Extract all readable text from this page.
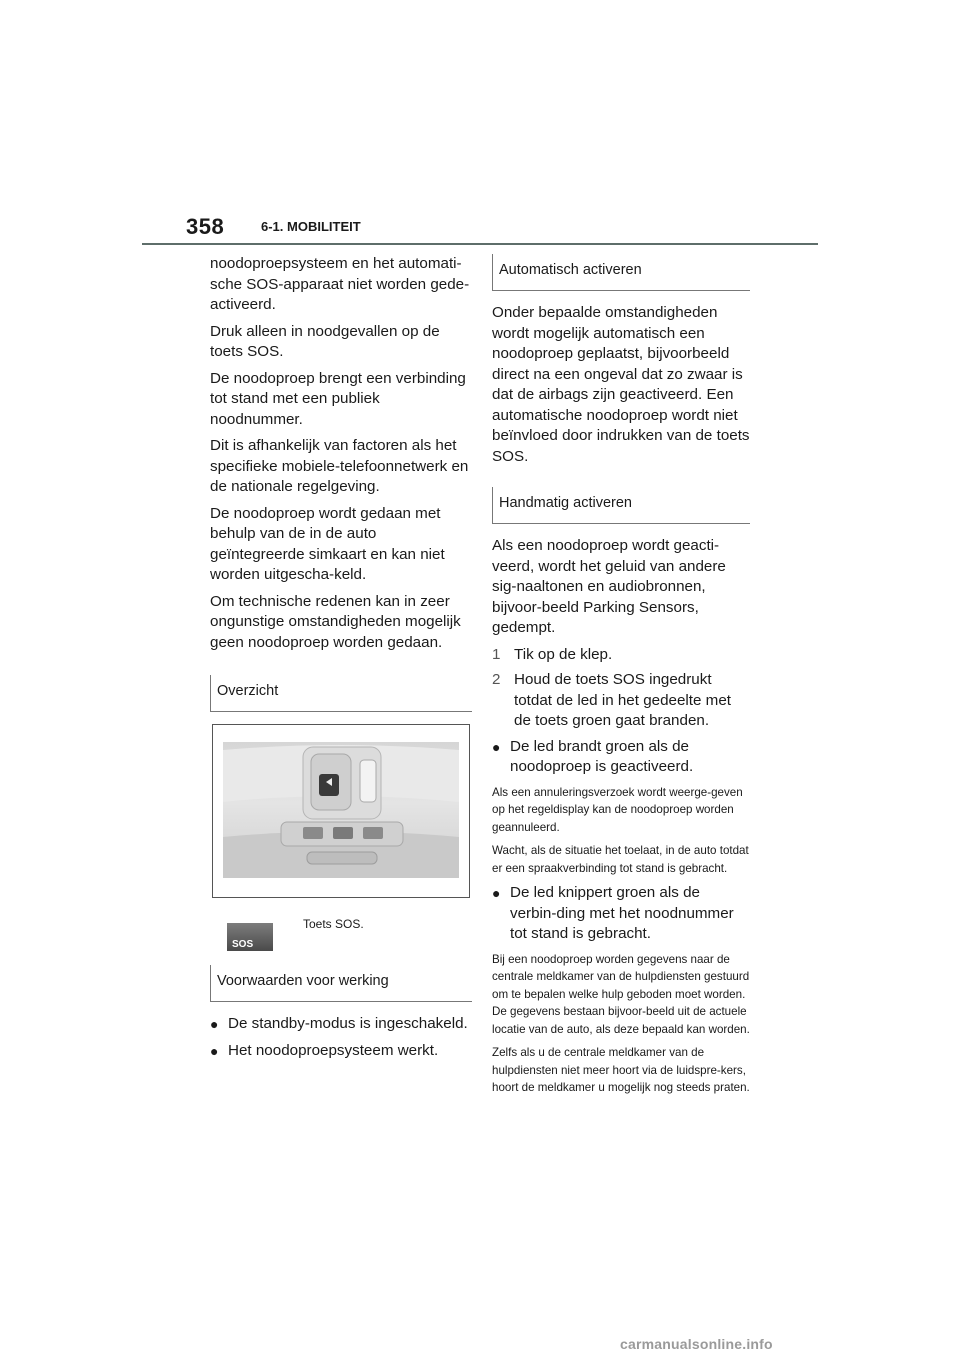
358	6-1. MOBILITEIT

noodoproepsysteem en het automati-sche SOS-apparaat niet worden gede-activeerd.

Druk alleen in noodgevallen op de toets SOS.

De noodoproep brengt een verbinding tot stand met een publiek noodnummer.

Dit is afhankelijk van factoren als het specifieke mobiele-telefoonnetwerk en de nationale regelgeving.

De noodoproep wordt gedaan met behulp van de in de auto geïntegreerde simkaart en kan niet worden uitgescha-keld.

Om technische redenen kan in zeer ongunstige omstandigheden mogelijk geen noodoproep worden gedaan.

Overzicht
SOS
Toets SOS.
Voorwaarden voor werking
● De standby-modus is ingeschakeld.
● Het noodoproepsysteem werkt.
Automatisch activeren

Onder bepaalde omstandigheden wordt mogelijk automatisch een noodoproep geplaatst, bijvoorbeeld direct na een ongeval dat zo zwaar is dat de airbags zijn geactiveerd. Een automatische noodoproep wordt niet beïnvloed door indrukken van de toets SOS.

Handmatig activeren

Als een noodoproep wordt geacti-veerd, wordt het geluid van andere sig-naaltonen en audiobronnen, bijvoor-beeld Parking Sensors, gedempt.

1 Tik op de klep.
2 Houd de toets SOS ingedrukt totdat de led in het gedeelte met de toets groen gaat branden.
● De led brandt groen als de noodoproep is geactiveerd.

Als een annuleringsverzoek wordt weerge-geven op het regeldisplay kan de noodoproep worden geannuleerd.

Wacht, als de situatie het toelaat, in de auto totdat er een spraakverbinding tot stand is gebracht.

● De led knippert groen als de verbin-ding met het noodnummer tot stand is gebracht.

Bij een noodoproep worden gegevens naar de centrale meldkamer van de hulpdiensten gestuurd om te bepalen welke hulp geboden moet worden. De gegevens bestaan bijvoor-beeld uit de actuele locatie van de auto, als deze bepaald kan worden.

Zelfs als u de centrale meldkamer van de hulpdiensten niet meer hoort via de luidspre-kers, hoort de meldkamer u mogelijk nog steeds praten.

carmanualsonline.info
